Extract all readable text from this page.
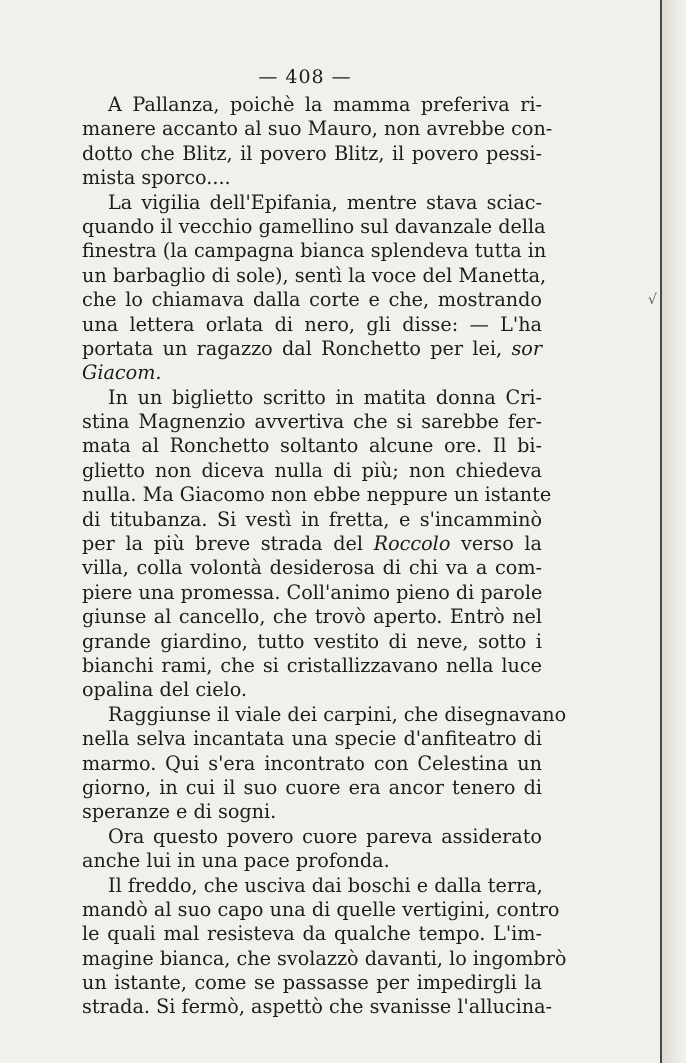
— 408 —
A Pallanza, poichè la mamma preferiva ri-
manere accanto al suo Mauro, non avrebbe con-
dotto che Blitz, il povero Blitz, il povero pessi-
mista sporco....
La vigilia dell'Epifania, mentre stava sciac-
quando il vecchio gamellino sul davanzale della
finestra (la campagna bianca splendeva tutta in
un barbaglio di sole), sentì la voce del Manetta,
che lo chiamava dalla corte e che, mostrando
una lettera orlata di nero, gli disse: — L'ha
portata un ragazzo dal Ronchetto per lei, sor
Giacom.
In un biglietto scritto in matita donna Cri-
stina Magnenzio avvertiva che si sarebbe fer-
mata al Ronchetto soltanto alcune ore. Il bi-
glietto non diceva nulla di più; non chiedeva
nulla. Ma Giacomo non ebbe neppure un istante
di titubanza. Si vestì in fretta, e s'incamminò
per la più breve strada del Roccolo verso la
villa, colla volontà desiderosa di chi va a com-
piere una promessa. Coll'animo pieno di parole
giunse al cancello, che trovò aperto. Entrò nel
grande giardino, tutto vestito di neve, sotto i
bianchi rami, che si cristallizzavano nella luce
opalina del cielo.
Raggiunse il viale dei carpini, che disegnavano
nella selva incantata una specie d'anfiteatro di
marmo. Qui s'era incontrato con Celestina un
giorno, in cui il suo cuore era ancor tenero di
speranze e di sogni.
Ora questo povero cuore pareva assiderato
anche lui in una pace profonda.
Il freddo, che usciva dai boschi e dalla terra,
mandò al suo capo una di quelle vertigini, contro
le quali mal resisteva da qualche tempo. L'im-
magine bianca, che svolazzò davanti, lo ingombrò
un istante, come se passasse per impedirgli la
strada. Si fermò, aspettò che svanisse l'allucina-
√
